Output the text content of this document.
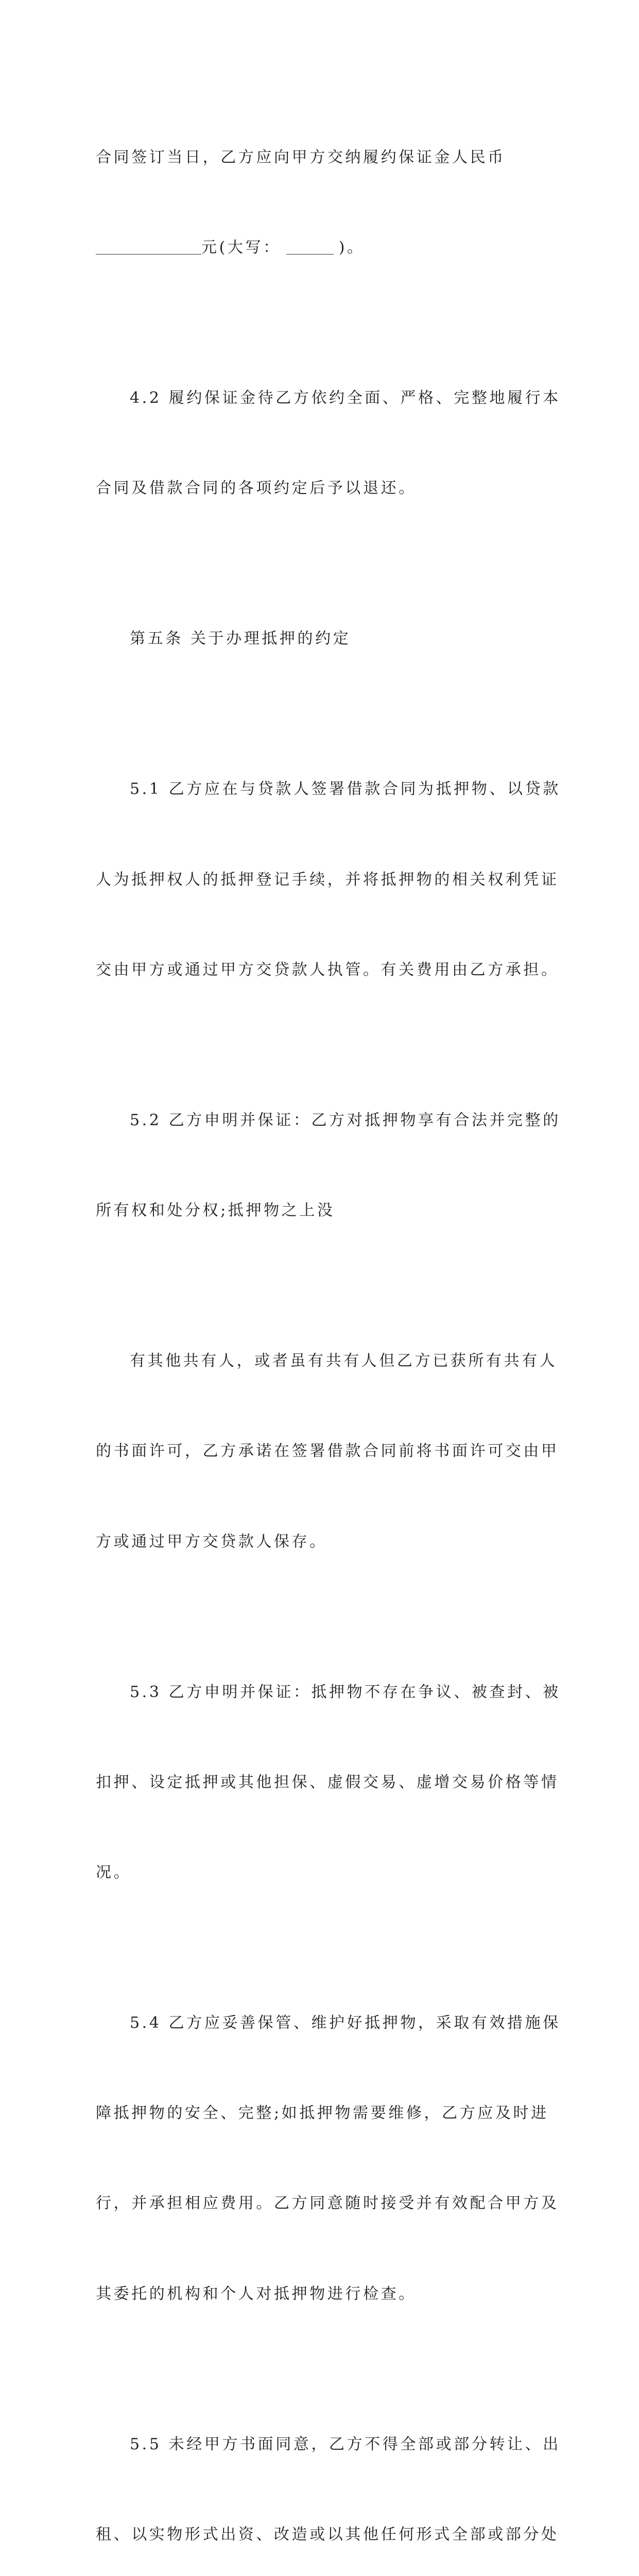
合同签订当日，乙方应向甲方交纳履约保证金人民币

元(大写：	)。

4.2 履约保证金待乙方依约全面、严格、完整地履行本

合同及借款合同的各项约定后予以退还。

第五条 关于办理抵押的约定

5.1 乙方应在与贷款人签署借款合同为抵押物、以贷款

人为抵押权人的抵押登记手续，并将抵押物的相关权利凭证

交由甲方或通过甲方交贷款人执管。有关费用由乙方承担。

5.2 乙方申明并保证：乙方对抵押物享有合法并完整的

所有权和处分权;抵押物之上没

有其他共有人，或者虽有共有人但乙方已获所有共有人

的书面许可，乙方承诺在签署借款合同前将书面许可交由甲

方或通过甲方交贷款人保存。

5.3 乙方申明并保证：抵押物不存在争议、被查封、被

扣押、设定抵押或其他担保、虚假交易、虚增交易价格等情

况。

5.4 乙方应妥善保管、维护好抵押物，采取有效措施保

障抵押物的安全、完整;如抵押物需要维修，乙方应及时进

行，并承担相应费用。乙方同意随时接受并有效配合甲方及

其委托的机构和个人对抵押物进行检查。

5.5 未经甲方书面同意，乙方不得全部或部分转让、出

租、以实物形式出资、改造或以其他任何形式全部或部分处
